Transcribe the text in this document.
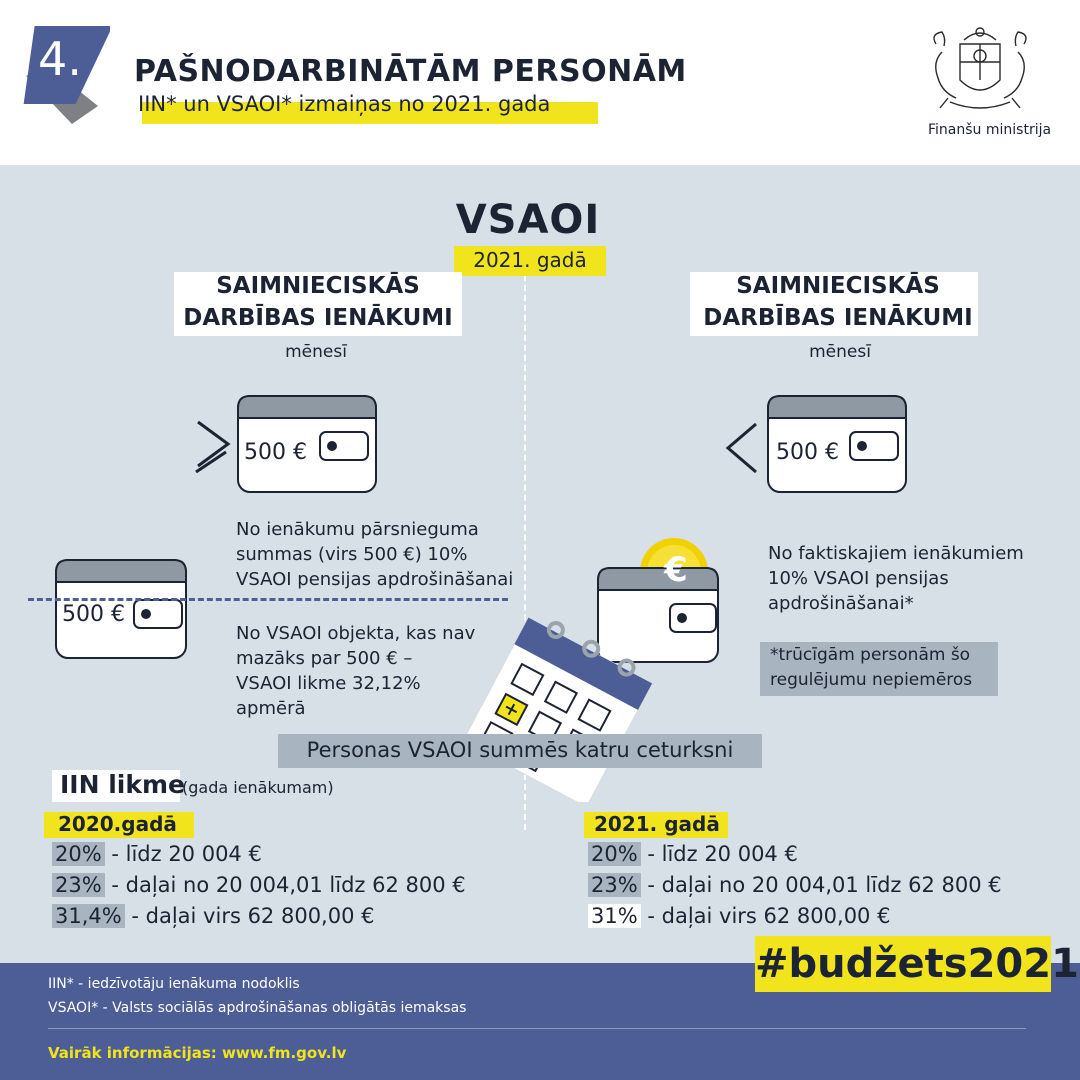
4.	PAŠNODARBINĀTĀM PERSONĀM
IIN* un VSAOI* izmaiņas no 2021. gada
Finanšu ministrija
VSAOI
2021. gadā
SAIMNIECISKĀS
DARBĪBAS IENĀKUMI
mēnesī
500 €
No ienākumu pārsnieguma
summas (virs 500 €) 10%
VSAOI pensijas apdrošināšanai
500 €
No VSAOI objekta, kas nav
mazāks par 500 € –
VSAOI likme 32,12%
apmērā
SAIMNIECISKĀS
DARBĪBAS IENĀKUMI
mēnesī
500 €
€	No faktiskajiem ienākumiem
10% VSAOI pensijas
apdrošināšanai*
*trūcīgām personām šo
regulējumu nepiemēros
Personas VSAOI summēs katru ceturksni
IIN likme
(gada ienākumam)
2020.gadā
20% - līdz 20 004 €
23% - daļai no 20 004,01 līdz 62 800 €
31,4% - daļai virs 62 800,00 €
2021. gadā
20% - līdz 20 004 €
23% - daļai no 20 004,01 līdz 62 800 €
31% - daļai virs 62 800,00 €
IIN* - iedzīvotāju ienākuma nodoklis
VSAOI* - Valsts sociālās apdrošināšanas obligātās iemaksas
Vairāk informācijas: www.fm.gov.lv
#budžets2021
